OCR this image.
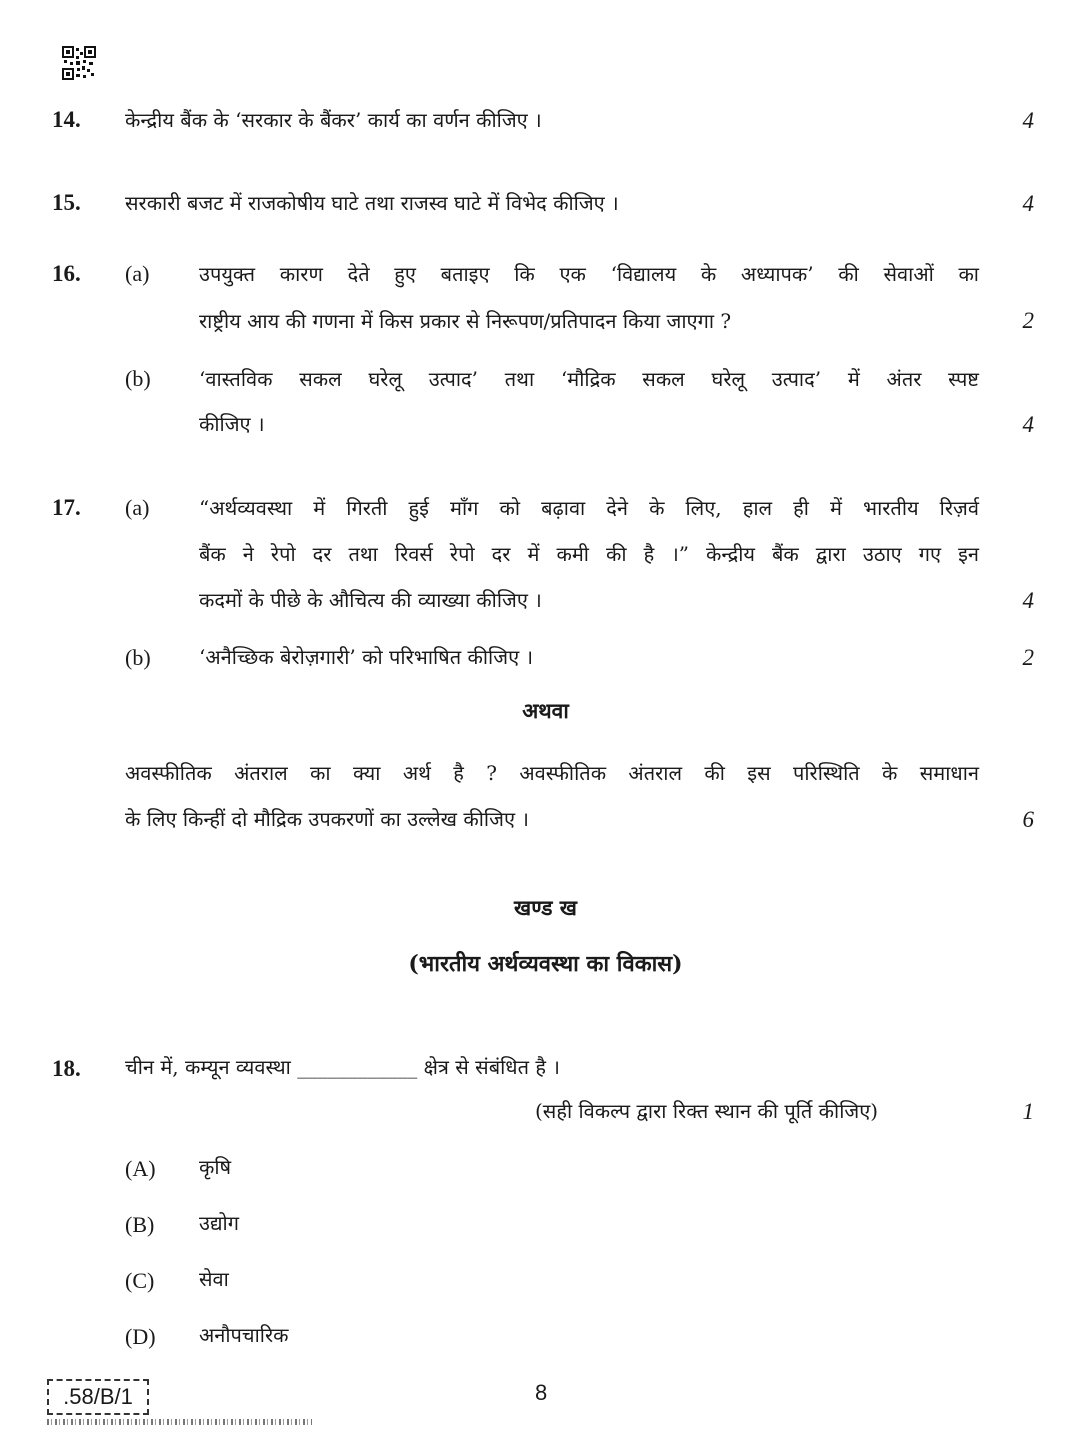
14. केन्द्रीय बैंक के ‘सरकार के बैंकर’ कार्य का वर्णन कीजिए ।	4
15. सरकारी बजट में राजकोषीय घाटे तथा राजस्व घाटे में विभेद कीजिए ।	4
16. (a) उपयुक्त कारण देते हुए बताइए कि एक ‘विद्यालय के अध्यापक’ की सेवाओं का
राष्ट्रीय आय की गणना में किस प्रकार से निरूपण/प्रतिपादन किया जाएगा ?	2
(b) ‘वास्तविक सकल घरेलू उत्पाद’ तथा ‘मौद्रिक सकल घरेलू उत्पाद’ में अंतर स्पष्ट
कीजिए ।	4
17. (a) “अर्थव्यवस्था में गिरती हुई माँग को बढ़ावा देने के लिए, हाल ही में भारतीय रिज़र्व
बैंक ने रेपो दर तथा रिवर्स रेपो दर में कमी की है ।” केन्द्रीय बैंक द्वारा उठाए गए इन
कदमों के पीछे के औचित्य की व्याख्या कीजिए ।	4
(b) ‘अनैच्छिक बेरोज़गारी’ को परिभाषित कीजिए ।	2
अथवा
अवस्फीतिक अंतराल का क्या अर्थ है ? अवस्फीतिक अंतराल की इस परिस्थिति के समाधान
के लिए किन्हीं दो मौद्रिक उपकरणों का उल्लेख कीजिए ।	6
खण्ड ख
(भारतीय अर्थव्यवस्था का विकास)
18. चीन में, कम्यून व्यवस्था ____________ क्षेत्र से संबंधित है ।
(सही विकल्प द्वारा रिक्त स्थान की पूर्ति कीजिए)	1
(A) कृषि
(B) उद्योग
(C) सेवा
(D) अनौपचारिक
.58/B/1	8
